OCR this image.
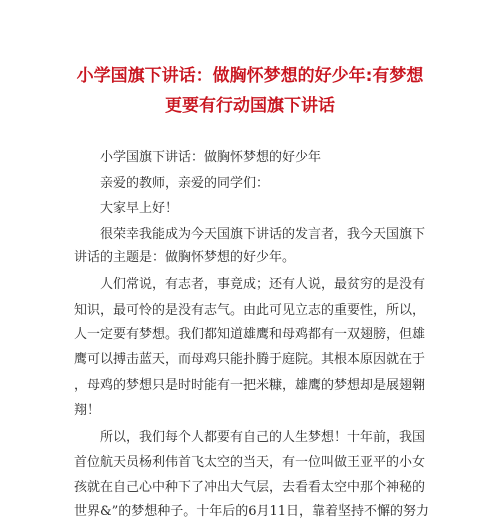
小学国旗下讲话：做胸怀梦想的好少年:有梦想
更要有行动国旗下讲话
小学国旗下讲话：做胸怀梦想的好少年
亲爱的教师，亲爱的同学们：
大家早上好！
很荣幸我能成为今天国旗下讲话的发言者，我今天国旗下
讲话的主题是：做胸怀梦想的好少年。
人们常说，有志者，事竟成；还有人说，最贫穷的是没有
知识，最可怜的是没有志气。由此可见立志的重要性，所以，
人一定要有梦想。我们都知道雄鹰和母鸡都有一双翅膀，但雄
鹰可以搏击蓝天，而母鸡只能扑腾于庭院。其根本原因就在于
，母鸡的梦想只是时时能有一把米糠，雄鹰的梦想却是展翅翱
翔！
所以，我们每个人都要有自己的人生梦想！十年前，我国
首位航天员杨利伟首飞太空的当天，有一位叫做王亚平的小女
孩就在自己心中种下了冲出大气层，去看看太空中那个神秘的
世界&”的梦想种子。十年后的6月11日，靠着坚持不懈的努力
